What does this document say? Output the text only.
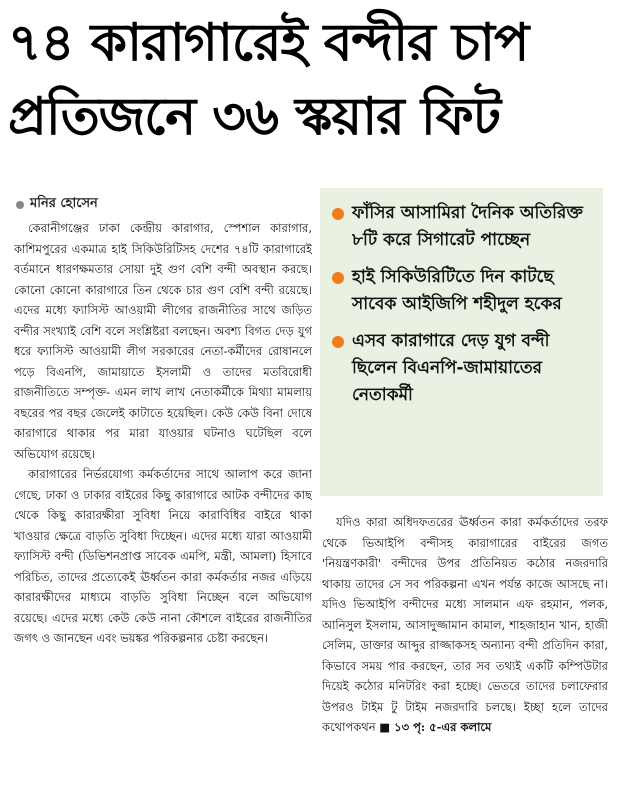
৭৪ কারাগারেই বন্দীর চাপ
প্রতিজনে ৩৬ স্কয়ার ফিট
মনির হোসেন

কেরানীগঞ্জের ঢাকা কেন্দ্রীয় কারাগার, স্পেশাল কারাগার, কাশিমপুরের একমাত্র হাই সিকিউরিটিসহ দেশের ৭৪টি কারাগারেই বর্তমানে ধারণক্ষমতার সোয়া দুই গুণ বেশি বন্দী অবস্থান করছে। কোনো কোনো কারাগারে তিন থেকে চার গুণ বেশি বন্দী রয়েছে। এদের মধ্যে ফ্যাসিস্ট আওয়ামী লীগের রাজনীতির সাথে জড়িত বন্দীর সংখ্যাই বেশি বলে সংশ্লিষ্টরা বলছেন। অবশ্য বিগত দেড় যুগ ধরে ফ্যাসিস্ট আওয়ামী লীগ সরকারের নেতা-কর্মীদের রোষানলে পড়ে বিএনপি, জামায়াতে ইসলামী ও তাদের মতবিরোধী রাজনীতিতে সম্পৃক্ত- এমন লাখ লাখ নেতাকর্মীকে মিথ্যা মামলায় বছরের পর বছর জেলেই কাটাতে হয়েছিল। কেউ কেউ বিনা দোষে কারাগারে থাকার পর মারা যাওয়ার ঘটনাও ঘটেছিল বলে অভিযোগ রয়েছে।

কারাগারের নির্ভরযোগ্য কর্মকর্তাদের সাথে আলাপ করে জানা গেছে, ঢাকা ও ঢাকার বাইরের কিছু কারাগারে আটক বন্দীদের কাছ থেকে কিছু কারারক্ষীরা সুবিধা নিয়ে কারাবিধির বাইরে থাকা খাওয়ার ক্ষেত্রে বাড়তি সুবিধা দিচ্ছেন। এদের মধ্যে যারা আওয়ামী ফ্যাসিস্ট বন্দী (ডিভিশনপ্রাপ্ত সাবেক এমপি, মন্ত্রী, আমলা) হিসাবে পরিচিত, তাদের প্রত্যেকেই ঊর্ধ্বতন কারা কর্মকর্তার নজর এড়িয়ে কারারক্ষীদের মাধ্যমে বাড়তি সুবিধা নিচ্ছেন বলে অভিযোগ রয়েছে। এদের মধ্যে কেউ কেউ নানা কৌশলে বাইরের রাজনীতির জগৎ ও জানছেন এবং ভয়ঙ্কর পরিকল্পনার চেষ্টা করছেন।

ফাঁসির আসামিরা দৈনিক অতিরিক্ত ৮টি করে সিগারেট পাচ্ছেন
হাই সিকিউরিটিতে দিন কাটছে সাবেক আইজিপি শহীদুল হকের
এসব কারাগারে দেড় যুগ বন্দী ছিলেন বিএনপি-জামায়াতের নেতাকর্মী

যদিও কারা অধিদফতরের ঊর্ধ্বতন কারা কর্মকর্তাদের তরফ থেকে ভিআইপি বন্দীসহ কারাগারের বাইরের জগত 'নিয়ন্ত্রণকারী' বন্দীদের উপর প্রতিনিয়ত কঠোর নজরদারি থাকায় তাদের সে সব পরিকল্পনা এখন পর্যন্ত কাজে আসছে না। যদিও ভিআইপি বন্দীদের মধ্যে সালমান এফ রহমান, পলক, আনিসুল ইসলাম, আসাদুজ্জামান কামাল, শাহজাহান খান, হাজী সেলিম, ডাক্তার আব্দুর রাজ্জাকসহ অন্যান্য বন্দী প্রতিদিন কারা, কিভাবে সময় পার করছেন, তার সব তথ্যই একটি কম্পিউটার দিয়েই কঠোর মনিটরিং করা হচ্ছে। ভেতরে তাদের চলাফেরার উপরও টাইম টু টাইম নজরদারি চলছে। ইচ্ছা হলে তাদের কথোপকথন ■ ১৩ পৃ: ৫-এর কলামে
